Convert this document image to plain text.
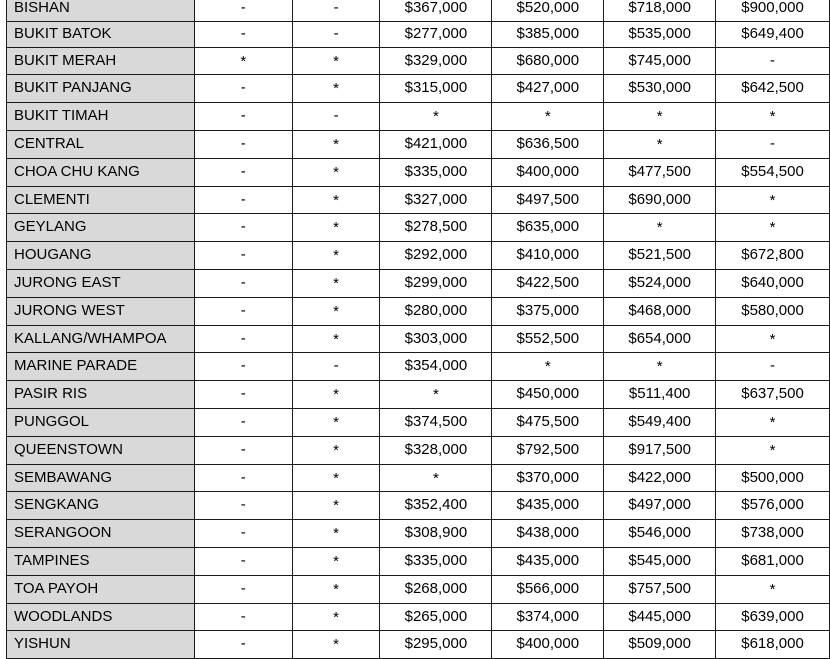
BISHAN	-	-	$367,000	$520,000	$718,000	$900,000
BUKIT BATOK	-	-	$277,000	$385,000	$535,000	$649,400
BUKIT MERAH	*	*	$329,000	$680,000	$745,000	-
BUKIT PANJANG	-	*	$315,000	$427,000	$530,000	$642,500
BUKIT TIMAH	-	-	*	*	*	*
CENTRAL	-	*	$421,000	$636,500	*	-
CHOA CHU KANG	-	*	$335,000	$400,000	$477,500	$554,500
CLEMENTI	-	*	$327,000	$497,500	$690,000	*
GEYLANG	-	*	$278,500	$635,000	*	*
HOUGANG	-	*	$292,000	$410,000	$521,500	$672,800
JURONG EAST	-	*	$299,000	$422,500	$524,000	$640,000
JURONG WEST	-	*	$280,000	$375,000	$468,000	$580,000
KALLANG/WHAMPOA	-	*	$303,000	$552,500	$654,000	*
MARINE PARADE	-	-	$354,000	*	*	-
PASIR RIS	-	*	*	$450,000	$511,400	$637,500
PUNGGOL	-	*	$374,500	$475,500	$549,400	*
QUEENSTOWN	-	*	$328,000	$792,500	$917,500	*
SEMBAWANG	-	*	*	$370,000	$422,000	$500,000
SENGKANG	-	*	$352,400	$435,000	$497,000	$576,000
SERANGOON	-	*	$308,900	$438,000	$546,000	$738,000
TAMPINES	-	*	$335,000	$435,000	$545,000	$681,000
TOA PAYOH	-	*	$268,000	$566,000	$757,500	*
WOODLANDS	-	*	$265,000	$374,000	$445,000	$639,000
YISHUN	-	*	$295,000	$400,000	$509,000	$618,000
